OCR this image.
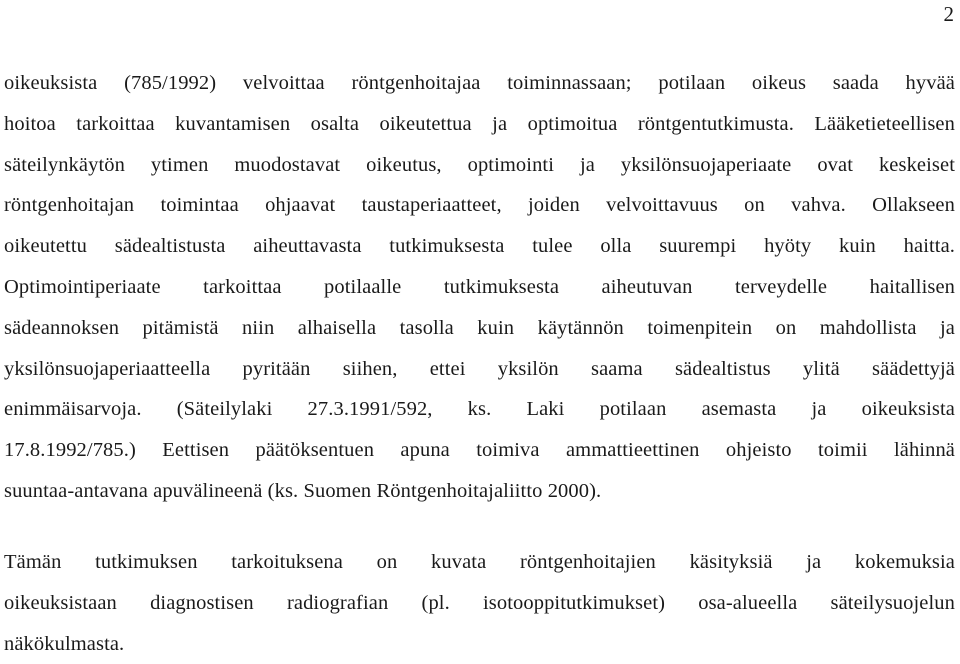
2
oikeuksista (785/1992) velvoittaa röntgenhoitajaa toiminnassaan; potilaan oikeus saada hyvää
hoitoa tarkoittaa kuvantamisen osalta oikeutettua ja optimoitua röntgentutkimusta. Lääketieteellisen
säteilynkäytön ytimen muodostavat oikeutus, optimointi ja yksilönsuojaperiaate ovat keskeiset
röntgenhoitajan toimintaa ohjaavat taustaperiaatteet, joiden velvoittavuus on vahva. Ollakseen
oikeutettu sädealtistusta aiheuttavasta tutkimuksesta tulee olla suurempi hyöty kuin haitta.
Optimointiperiaate tarkoittaa potilaalle tutkimuksesta aiheutuvan terveydelle haitallisen
sädeannoksen pitämistä niin alhaisella tasolla kuin käytännön toimenpitein on mahdollista ja
yksilönsuojaperiaatteella pyritään siihen, ettei yksilön saama sädealtistus ylitä säädettyjä
enimmäisarvoja. (Säteilylaki 27.3.1991/592, ks. Laki potilaan asemasta ja oikeuksista
17.8.1992/785.) Eettisen päätöksentuen apuna toimiva ammattieettinen ohjeisto toimii lähinnä
suuntaa-antavana apuvälineenä (ks. Suomen Röntgenhoitajaliitto 2000).
Tämän tutkimuksen tarkoituksena on kuvata röntgenhoitajien käsityksiä ja kokemuksia
oikeuksistaan diagnostisen radiografian (pl. isotooppitutkimukset) osa-alueella säteilysuojelun
näkökulmasta.
